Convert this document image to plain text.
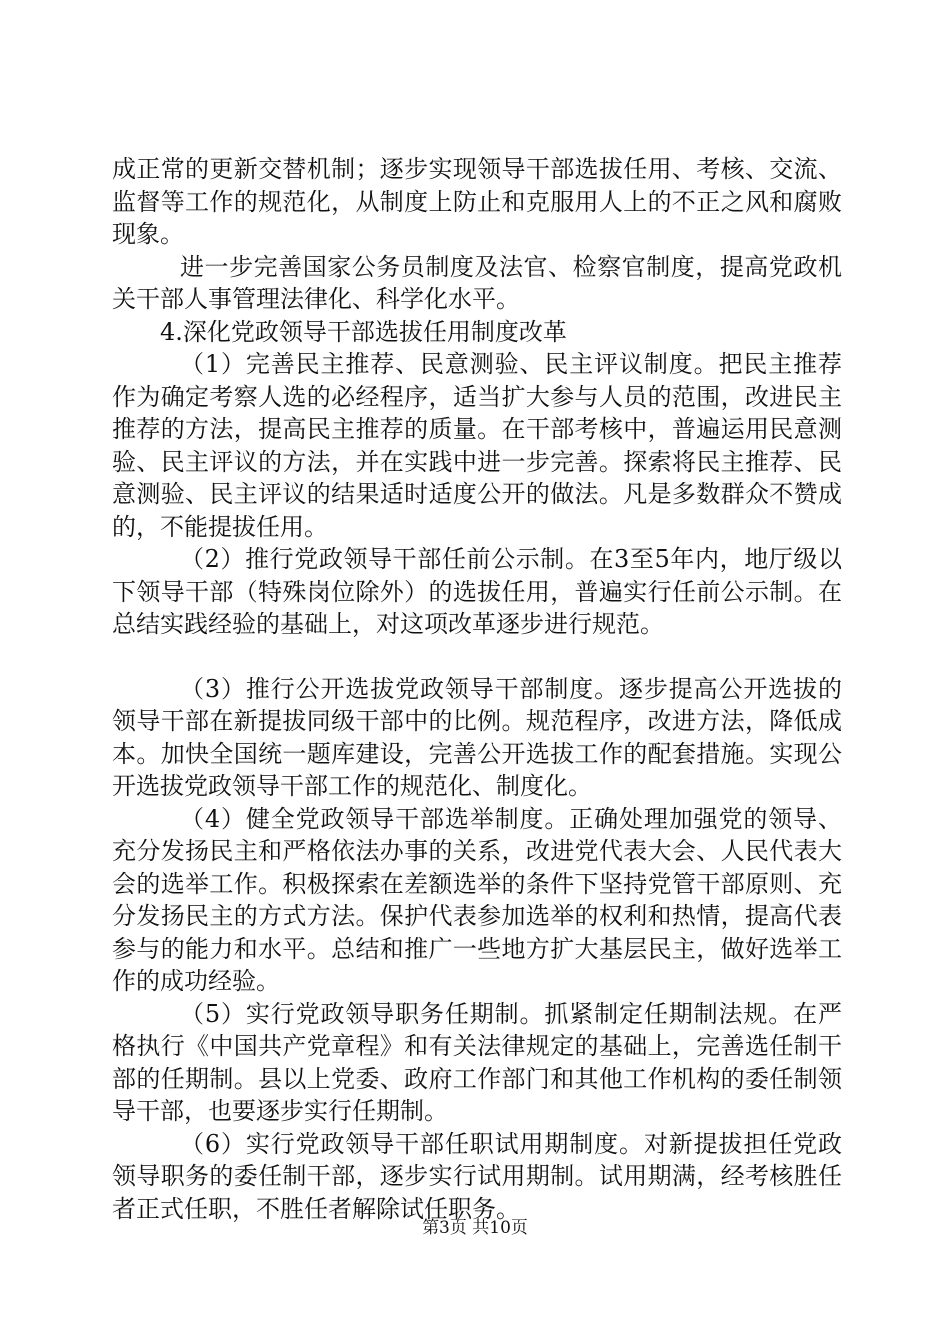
成正常的更新交替机制；逐步实现领导干部选拔任用、考核、交流、监督等工作的规范化，从制度上防止和克服用人上的不正之风和腐败现象。

进一步完善国家公务员制度及法官、检察官制度，提高党政机关干部人事管理法律化、科学化水平。

4.深化党政领导干部选拔任用制度改革

（1）完善民主推荐、民意测验、民主评议制度。把民主推荐作为确定考察人选的必经程序，适当扩大参与人员的范围，改进民主推荐的方法，提高民主推荐的质量。在干部考核中，普遍运用民意测验、民主评议的方法，并在实践中进一步完善。探索将民主推荐、民意测验、民主评议的结果适时适度公开的做法。凡是多数群众不赞成的，不能提拔任用。

（2）推行党政领导干部任前公示制。在3至5年内，地厅级以下领导干部（特殊岗位除外）的选拔任用，普遍实行任前公示制。在总结实践经验的基础上，对这项改革逐步进行规范。

（3）推行公开选拔党政领导干部制度。逐步提高公开选拔的领导干部在新提拔同级干部中的比例。规范程序，改进方法，降低成本。加快全国统一题库建设，完善公开选拔工作的配套措施。实现公开选拔党政领导干部工作的规范化、制度化。

（4）健全党政领导干部选举制度。正确处理加强党的领导、充分发扬民主和严格依法办事的关系，改进党代表大会、人民代表大会的选举工作。积极探索在差额选举的条件下坚持党管干部原则、充分发扬民主的方式方法。保护代表参加选举的权利和热情，提高代表参与的能力和水平。总结和推广一些地方扩大基层民主，做好选举工作的成功经验。

（5）实行党政领导职务任期制。抓紧制定任期制法规。在严格执行《中国共产党章程》和有关法律规定的基础上，完善选任制干部的任期制。县以上党委、政府工作部门和其他工作机构的委任制领导干部，也要逐步实行任期制。

（6）实行党政领导干部任职试用期制度。对新提拔担任党政领导职务的委任制干部，逐步实行试用期制。试用期满，经考核胜任者正式任职，不胜任者解除试任职务。

第3页 共10页
